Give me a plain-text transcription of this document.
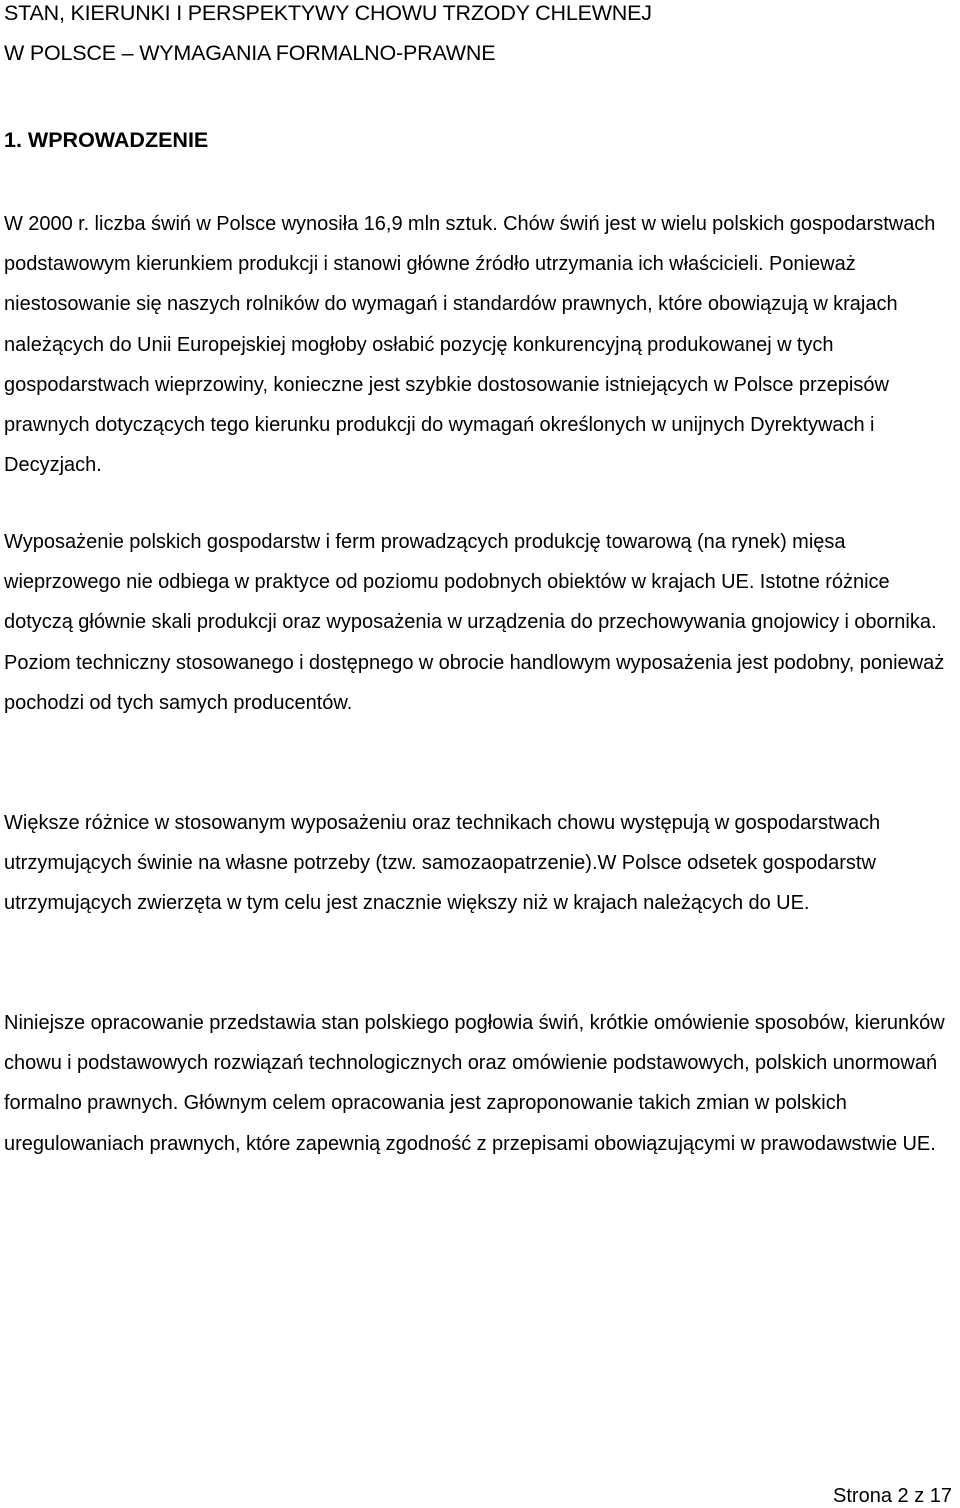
STAN, KIERUNKI I PERSPEKTYWY CHOWU TRZODY CHLEWNEJ
W POLSCE – WYMAGANIA FORMALNO-PRAWNE
1. WPROWADZENIE

W 2000 r. liczba świń w Polsce wynosiła 16,9 mln sztuk. Chów świń jest w wielu polskich gospodarstwach podstawowym kierunkiem produkcji i stanowi główne źródło utrzymania ich właścicieli. Ponieważ niestosowanie się naszych rolników do wymagań i standardów prawnych, które obowiązują w krajach należących do Unii Europejskiej mogłoby osłabić pozycję konkurencyjną produkowanej w tych gospodarstwach wieprzowiny, konieczne jest szybkie dostosowanie istniejących w Polsce przepisów prawnych dotyczących tego kierunku produkcji do wymagań określonych w unijnych Dyrektywach i Decyzjach.

Wyposażenie polskich gospodarstw i ferm prowadzących produkcję towarową (na rynek) mięsa wieprzowego nie odbiega w praktyce od poziomu podobnych obiektów w krajach UE. Istotne różnice dotyczą głównie skali produkcji oraz wyposażenia w urządzenia do przechowywania gnojowicy i obornika. Poziom techniczny stosowanego i dostępnego w obrocie handlowym wyposażenia jest podobny, ponieważ pochodzi od tych samych producentów.

Większe różnice w stosowanym wyposażeniu oraz technikach chowu występują w gospodarstwach utrzymujących świnie na własne potrzeby (tzw. samozaopatrzenie).W Polsce odsetek gospodarstw utrzymujących zwierzęta w tym celu jest znacznie większy niż w krajach należących do UE.

Niniejsze opracowanie przedstawia stan polskiego pogłowia świń, krótkie omówienie sposobów, kierunków chowu i podstawowych rozwiązań technologicznych oraz omówienie podstawowych, polskich unormowań formalno prawnych. Głównym celem opracowania jest zaproponowanie takich zmian w polskich uregulowaniach prawnych, które zapewnią zgodność z przepisami obowiązującymi w prawodawstwie UE.

Strona 2 z 17
